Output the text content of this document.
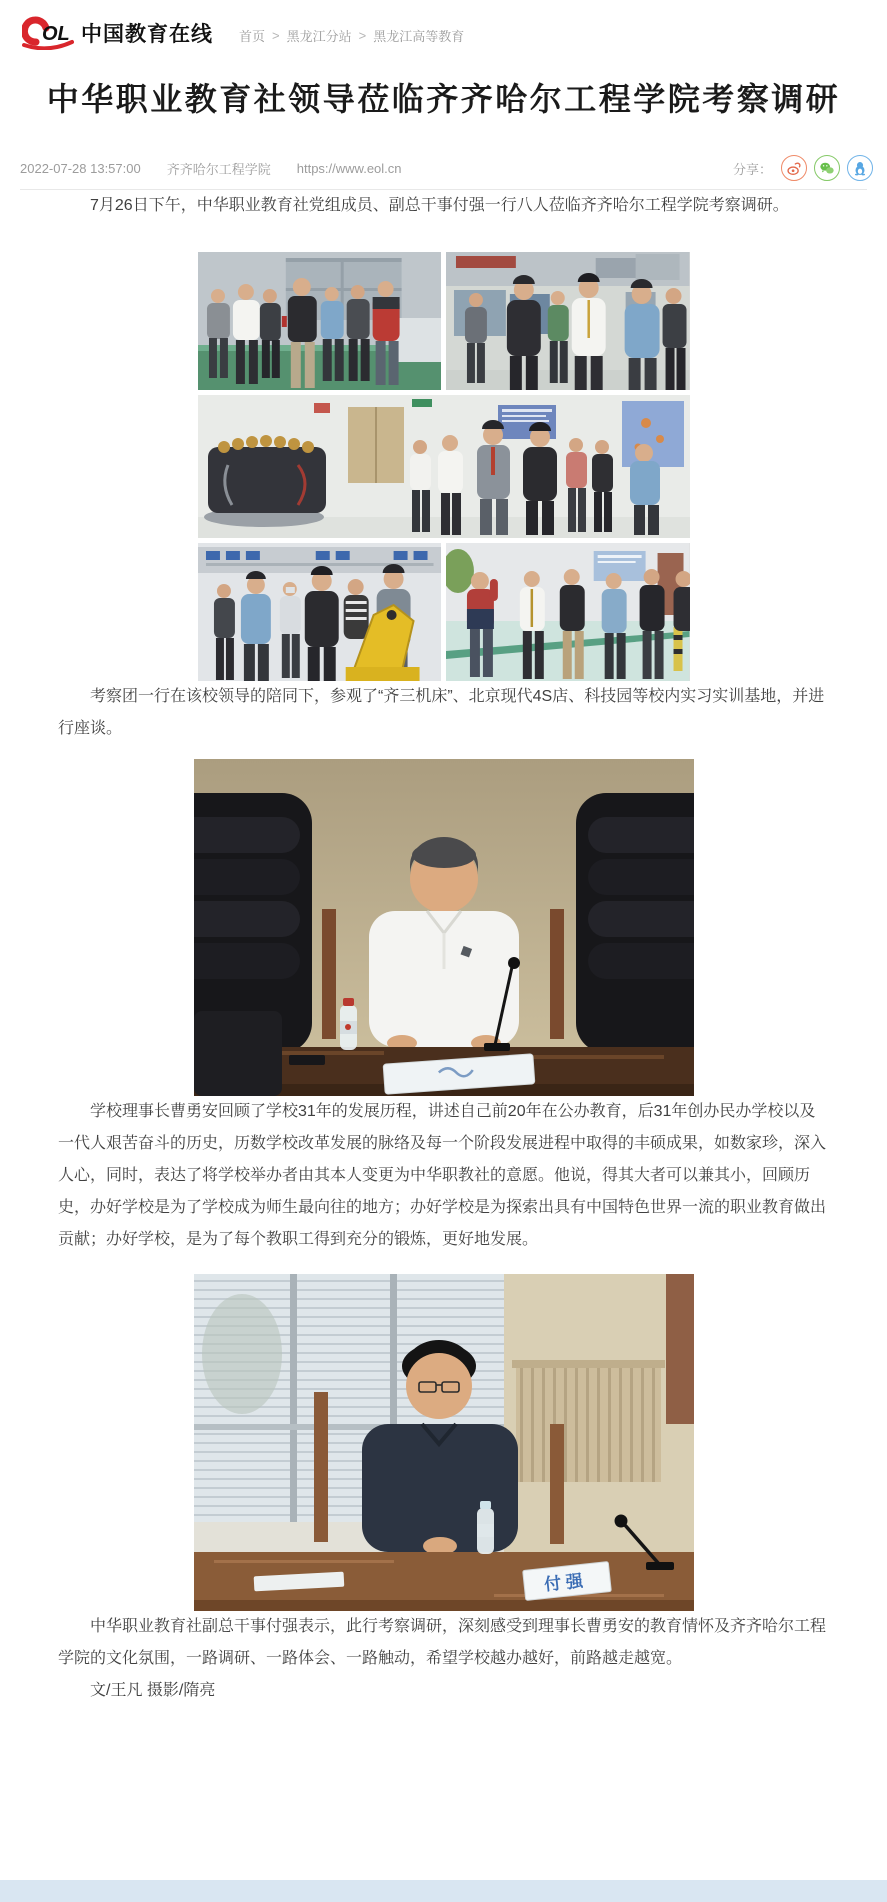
OL 中国教育在线 首页 > 黑龙江分站 > 黑龙江高等教育
中华职业教育社领导莅临齐齐哈尔工程学院考察调研
2022-07-28 13:57:00 齐齐哈尔工程学院 https://www.eol.cn	分享：

7月26日下午，中华职业教育社党组成员、副总干事付强一行八人莅临齐齐哈尔工程学院考察调研。

考察团一行在该校领导的陪同下，参观了“齐三机床”、北京现代4S店、科技园等校内实习实训基地，并进行座谈。

学校理事长曹勇安回顾了学校31年的发展历程，讲述自己前20年在公办教育，后31年创办民办学校以及一代人艰苦奋斗的历史，历数学校改革发展的脉络及每一个阶段发展进程中取得的丰硕成果，如数家珍，深入人心，同时，表达了将学校举办者由其本人变更为中华职教社的意愿。他说，得其大者可以兼其小，回顾历史，办好学校是为了学校成为师生最向往的地方；办好学校是为探索出具有中国特色世界一流的职业教育做出贡献；办好学校，是为了每个教职工得到充分的锻炼，更好地发展。

付 强

中华职业教育社副总干事付强表示，此行考察调研，深刻感受到理事长曹勇安的教育情怀及齐齐哈尔工程学院的文化氛围，一路调研、一路体会、一路触动，希望学校越办越好，前路越走越宽。

文/王凡 摄影/隋亮
